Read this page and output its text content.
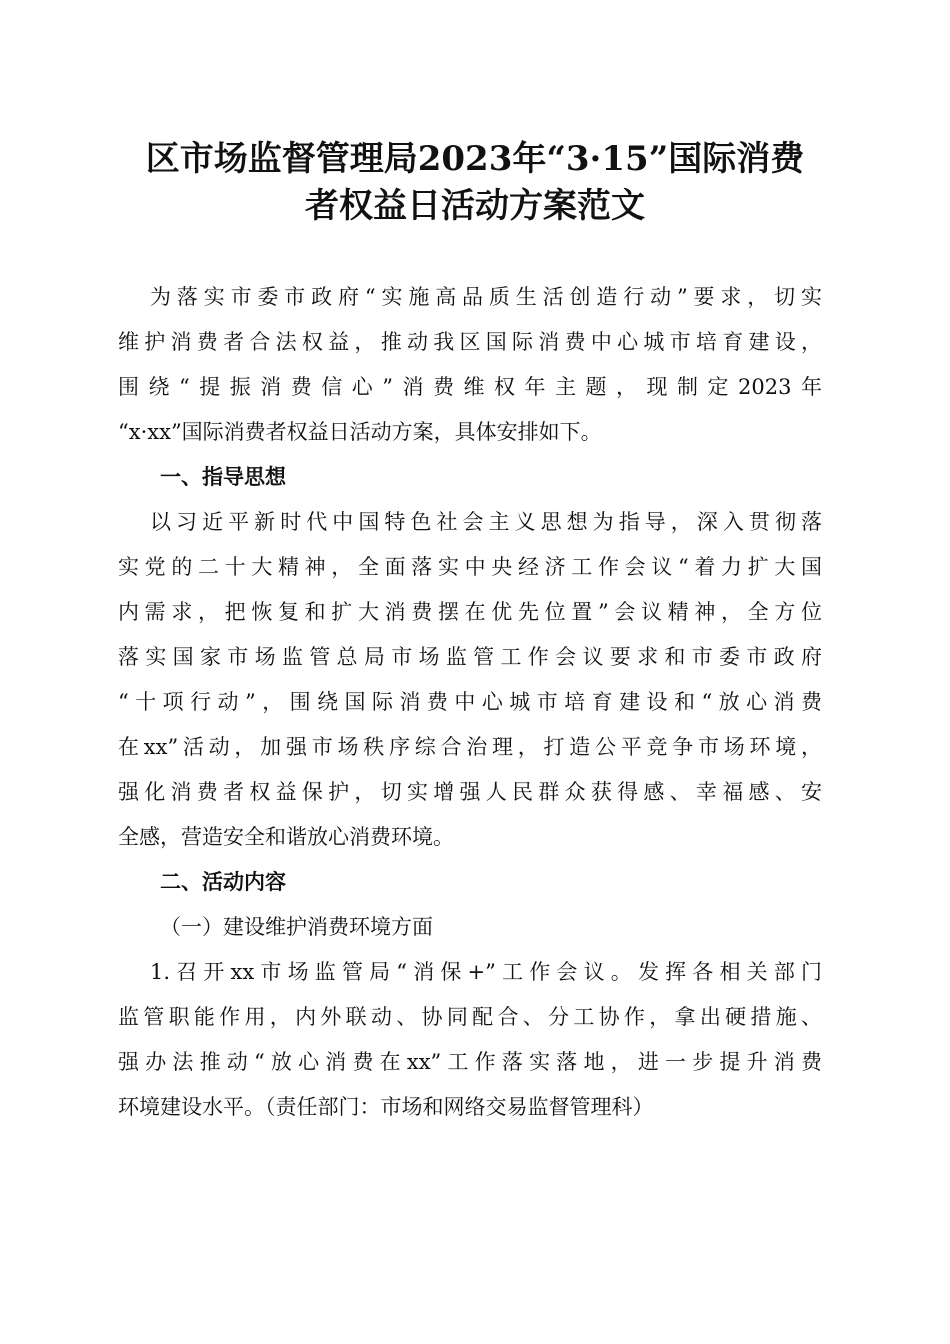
区市场监督管理局2023年“3·15”国际消费
者权益日活动方案范文
为落实市委市政府“实施高品质生活创造行动”要求，切实
维护消费者合法权益，推动我区国际消费中心城市培育建设，
围绕“提振消费信心”消费维权年主题，现制定2023年
“x·xx”国际消费者权益日活动方案，具体安排如下。
一、指导思想
以习近平新时代中国特色社会主义思想为指导，深入贯彻落
实党的二十大精神，全面落实中央经济工作会议“着力扩大国
内需求，把恢复和扩大消费摆在优先位置”会议精神，全方位
落实国家市场监管总局市场监管工作会议要求和市委市政府
“十项行动”，围绕国际消费中心城市培育建设和“放心消费
在xx”活动，加强市场秩序综合治理，打造公平竞争市场环境，
强化消费者权益保护，切实增强人民群众获得感、幸福感、安
全感，营造安全和谐放心消费环境。
二、活动内容
（一）建设维护消费环境方面
1.召开xx市场监管局“消保+”工作会议。发挥各相关部门
监管职能作用，内外联动、协同配合、分工协作，拿出硬措施、
强办法推动“放心消费在xx”工作落实落地，进一步提升消费
环境建设水平。（责任部门：市场和网络交易监督管理科）
